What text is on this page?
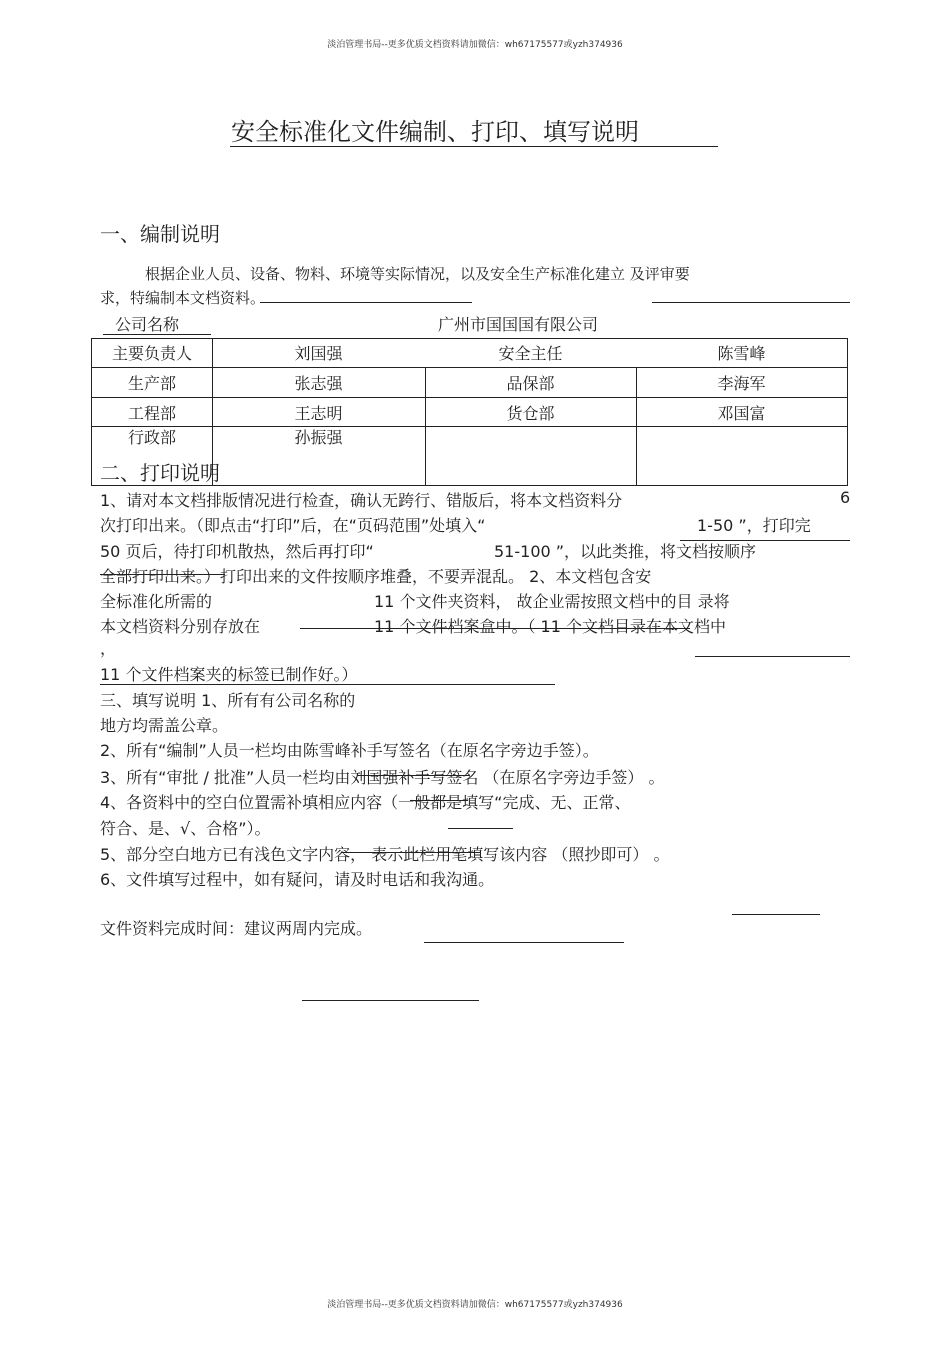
淡泊管理书局--更多优质文档资料请加微信：wh67175577或yzh374936
安全标准化文件编制、打印、填写说明
一、编制说明
根据企业人员、设备、物料、环境等实际情况，以及安全生产标准化建立 及评审要
求，特编制本文档资料。
公司名称	广州市国国国有限公司
主要负责人	刘国强	安全主任	陈雪峰
生产部	张志强	品保部	李海军
工程部	王志明	货仓部	邓国富
行政部	孙振强
二、打印说明
1、请对本文档排版情况进行检查，确认无跨行、错版后，将本文档资料分	6
次打印出来。（即点击“打印”后，在“页码范围”处填入“	1-50 ”，打印完
50 页后，待打印机散热，然后再打印“	51-100 ”，以此类推，将文档按顺序
全部打印出来。）打印出来的文件按顺序堆叠，不要弄混乱。 2、本文档包含安
全标准化所需的	11 个文件夹资料， 故企业需按照文档中的目 录将
本文档资料分别存放在	11 个文件档案盒中。（ 11 个文档目录在本文档中
，
11 个文件档案夹的标签已制作好。）
三、填写说明 1、所有有公司名称的
地方均需盖公章。
2、所有“编制”人员一栏均由陈雪峰补手写签名（在原名字旁边手签）。
3、所有“审批 / 批准”人员一栏均由刘国强补手写签名 （在原名字旁边手签） 。
4、各资料中的空白位置需补填相应内容（一般都是填写“完成、无、正常、
符合、是、√、合格”）。
5、部分空白地方已有浅色文字内容， 表示此栏用笔填写该内容 （照抄即可） 。
6、文件填写过程中，如有疑问，请及时电话和我沟通。
文件资料完成时间：建议两周内完成。
淡泊管理书局--更多优质文档资料请加微信：wh67175577或yzh374936
